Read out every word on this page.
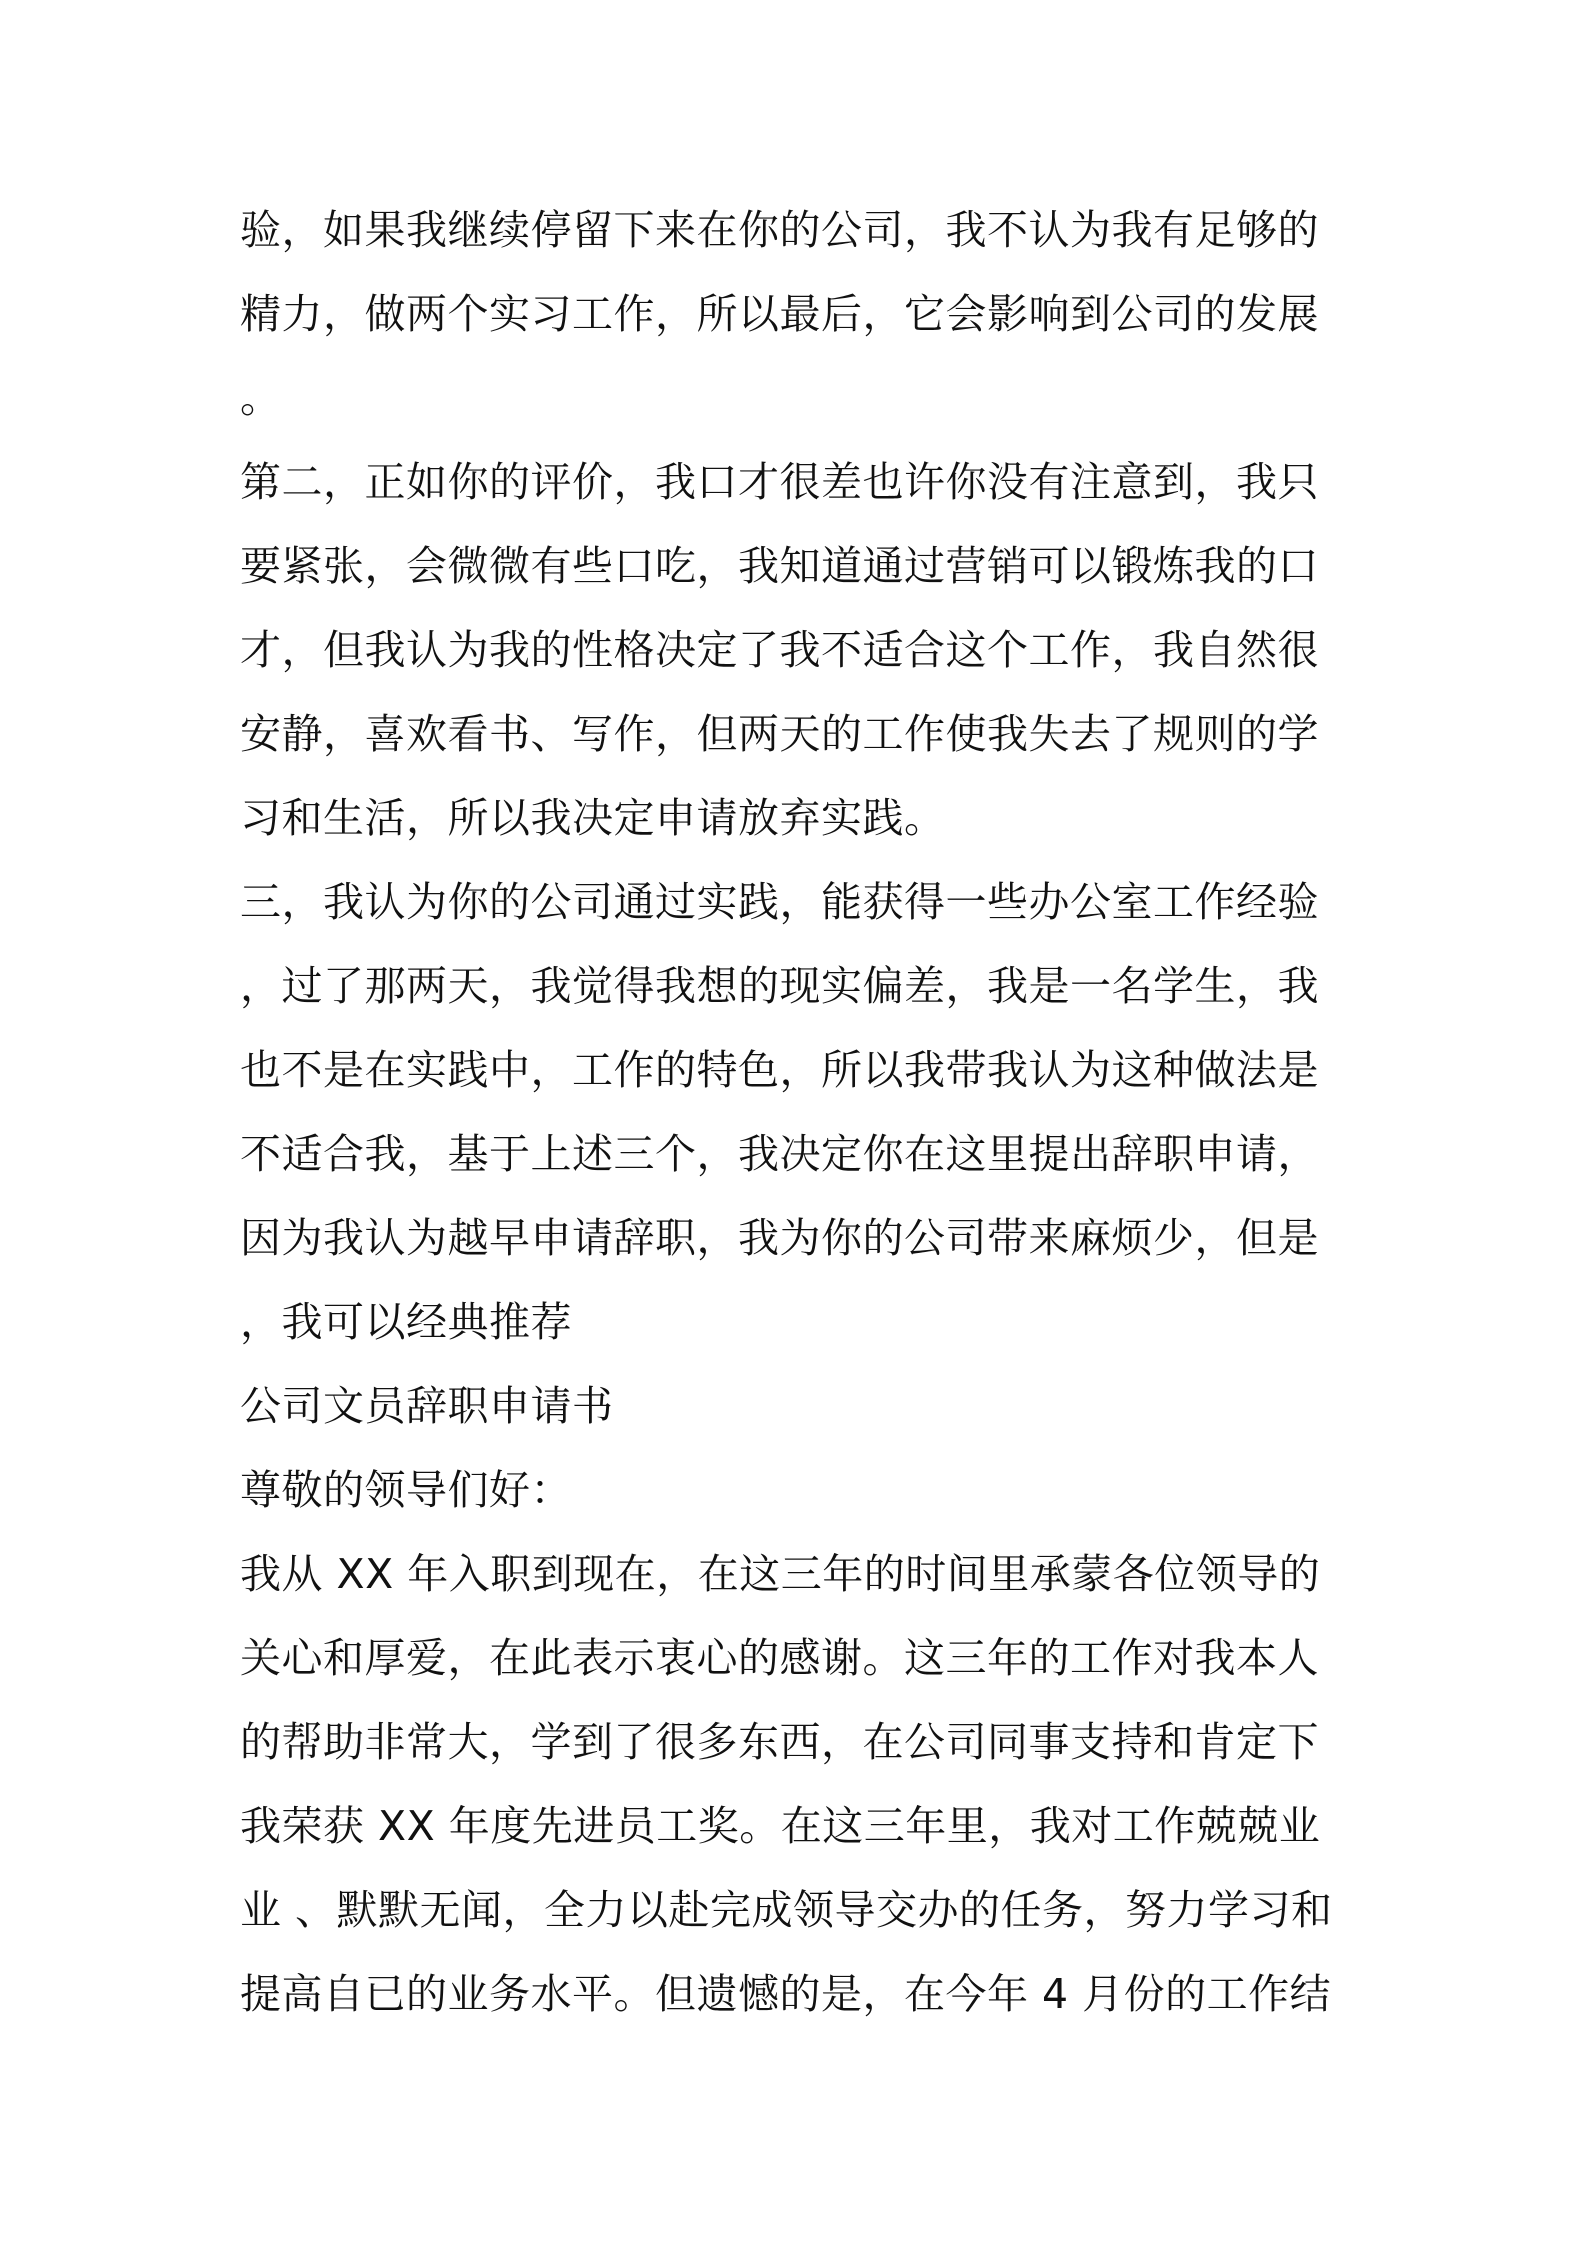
验，如果我继续停留下来在你的公司，我不认为我有足够的
精力，做两个实习工作，所以最后，它会影响到公司的发展
。
第二，正如你的评价，我口才很差也许你没有注意到，我只
要紧张，会微微有些口吃，我知道通过营销可以锻炼我的口
才，但我认为我的性格决定了我不适合这个工作，我自然很
安静，喜欢看书、写作，但两天的工作使我失去了规则的学
习和生活，所以我决定申请放弃实践。
三，我认为你的公司通过实践，能获得一些办公室工作经验
，过了那两天，我觉得我想的现实偏差，我是一名学生，我
也不是在实践中，工作的特色，所以我带我认为这种做法是
不适合我，基于上述三个，我决定你在这里提出辞职申请，
因为我认为越早申请辞职，我为你的公司带来麻烦少，但是
，我可以经典推荐
公司文员辞职申请书
尊敬的领导们好：
我从 XX 年入职到现在，在这三年的时间里承蒙各位领导的
关心和厚爱，在此表示衷心的感谢。这三年的工作对我本人
的帮助非常大，学到了很多东西，在公司同事支持和肯定下
我荣获 XX 年度先进员工奖。在这三年里，我对工作兢兢业
业 、默默无闻，全力以赴完成领导交办的任务，努力学习和
提高自已的业务水平。但遗憾的是，在今年 4 月份的工作结
